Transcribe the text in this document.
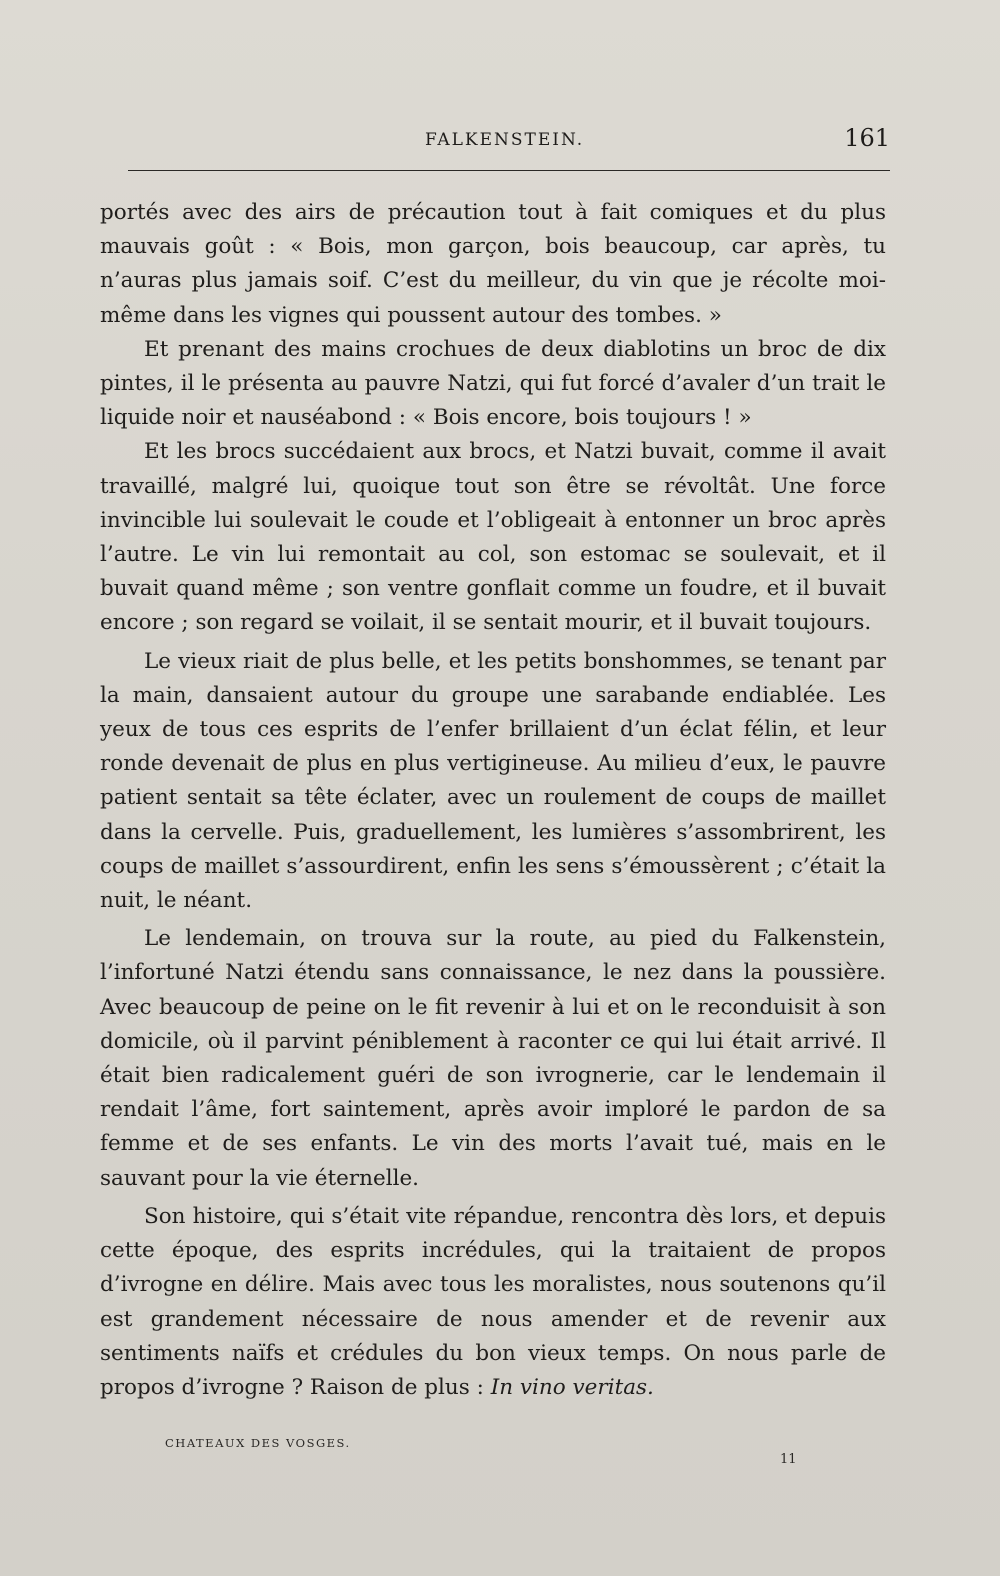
FALKENSTEIN.	161

portés avec des airs de précaution tout à fait comiques et du plus mauvais goût : « Bois, mon garçon, bois beaucoup, car après, tu n’auras plus jamais soif. C’est du meilleur, du vin que je récolte moi-même dans les vignes qui poussent autour des tombes. »

Et prenant des mains crochues de deux diablotins un broc de dix pintes, il le présenta au pauvre Natzi, qui fut forcé d’avaler d’un trait le liquide noir et nauséabond : « Bois encore, bois toujours ! »

Et les brocs succédaient aux brocs, et Natzi buvait, comme il avait travaillé, malgré lui, quoique tout son être se révoltât. Une force invincible lui soulevait le coude et l’obligeait à entonner un broc après l’autre. Le vin lui remontait au col, son estomac se soulevait, et il buvait quand même ; son ventre gonflait comme un foudre, et il buvait encore ; son regard se voilait, il se sentait mourir, et il buvait toujours.

Le vieux riait de plus belle, et les petits bonshommes, se tenant par la main, dansaient autour du groupe une sarabande endiablée. Les yeux de tous ces esprits de l’enfer brillaient d’un éclat félin, et leur ronde devenait de plus en plus vertigineuse. Au milieu d’eux, le pauvre patient sentait sa tête éclater, avec un roulement de coups de maillet dans la cervelle. Puis, graduellement, les lumières s’assombrirent, les coups de maillet s’assourdirent, enfin les sens s’émoussèrent ; c’était la nuit, le néant.

Le lendemain, on trouva sur la route, au pied du Falkenstein, l’infortuné Natzi étendu sans connaissance, le nez dans la poussière. Avec beaucoup de peine on le fit revenir à lui et on le reconduisit à son domicile, où il parvint péniblement à raconter ce qui lui était arrivé. Il était bien radicalement guéri de son ivrognerie, car le lendemain il rendait l’âme, fort saintement, après avoir imploré le pardon de sa femme et de ses enfants. Le vin des morts l’avait tué, mais en le sauvant pour la vie éternelle.

Son histoire, qui s’était vite répandue, rencontra dès lors, et depuis cette époque, des esprits incrédules, qui la traitaient de propos d’ivrogne en délire. Mais avec tous les moralistes, nous soutenons qu’il est grandement nécessaire de nous amender et de revenir aux sentiments naïfs et crédules du bon vieux temps. On nous parle de propos d’ivrogne ? Raison de plus : In vino veritas.

CHATEAUX DES VOSGES.
11
